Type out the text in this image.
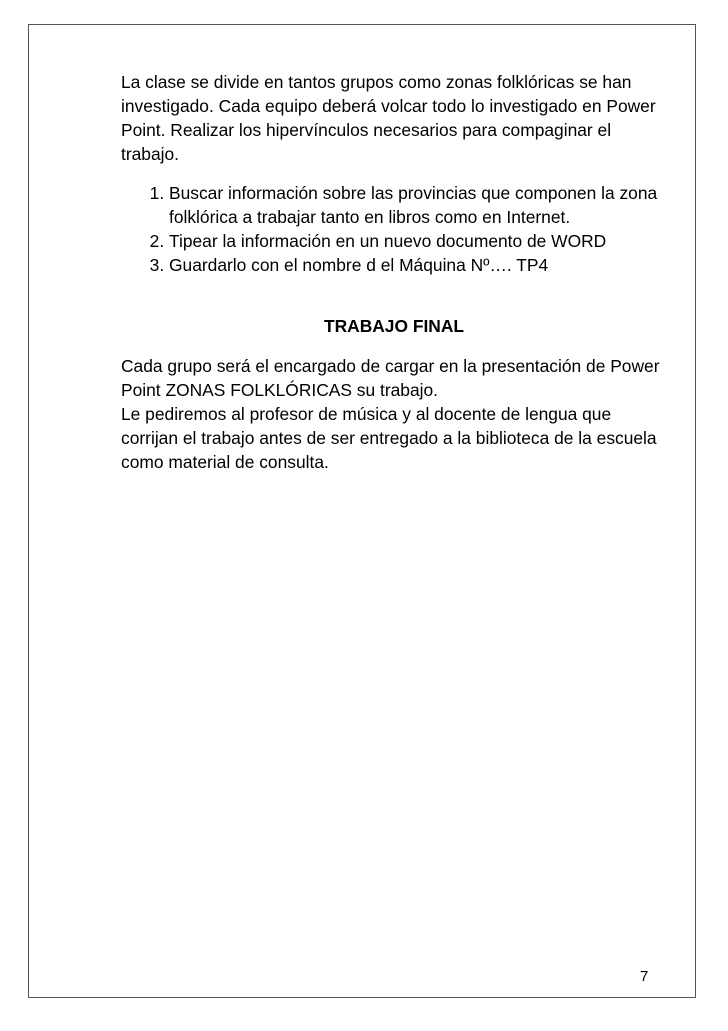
La clase se divide en tantos grupos como zonas folklóricas se han investigado. Cada equipo deberá volcar todo lo investigado en Power Point. Realizar los hipervínculos necesarios para compaginar el trabajo.

1. Buscar información sobre las provincias que componen la zona folklórica a trabajar tanto en libros como en Internet.
2. Tipear la información en un nuevo documento de WORD
3. Guardarlo con el nombre d el Máquina Nº…. TP4
TRABAJO FINAL

Cada grupo será el encargado de cargar en la presentación de Power Point ZONAS FOLKLÓRICAS su trabajo.

Le pediremos al profesor de música y al docente de lengua que corrijan el trabajo antes de ser entregado a la biblioteca de la escuela como material de consulta.

7
